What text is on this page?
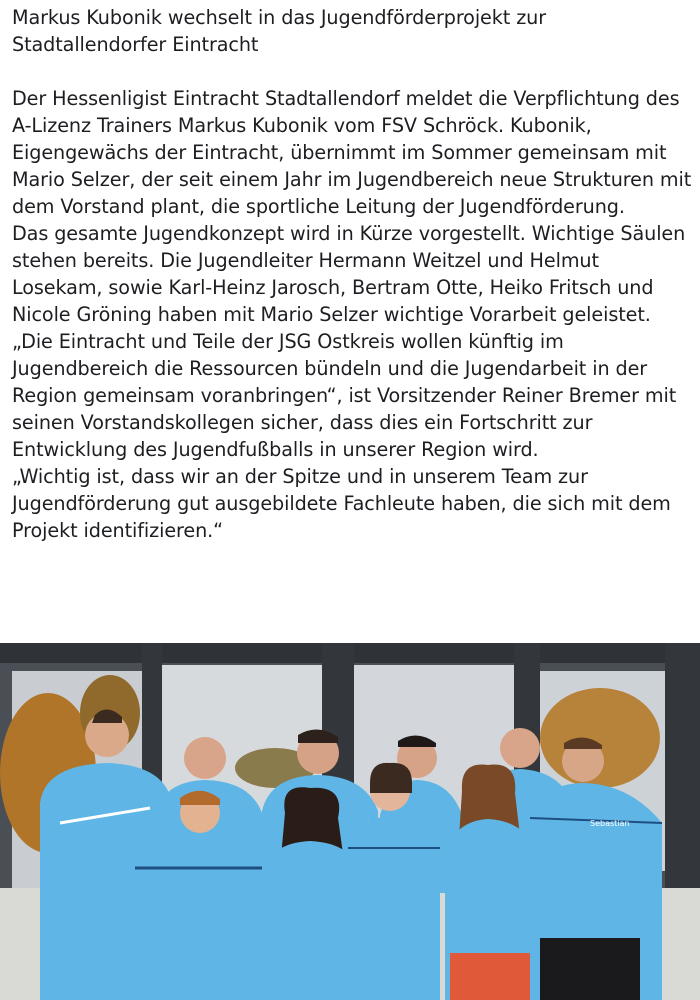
Markus Kubonik wechselt in das Jugendförderprojekt zur

Stadtallendorfer Eintracht

Der Hessenligist Eintracht Stadtallendorf meldet die Verpflichtung des A-Lizenz Trainers Markus Kubonik vom FSV Schröck. Kubonik, Eigengewächs der Eintracht, übernimmt im Sommer gemeinsam mit Mario Selzer, der seit einem Jahr im Jugendbereich neue Strukturen mit dem Vorstand plant, die sportliche Leitung der Jugendförderung.

Das gesamte Jugendkonzept wird in Kürze vorgestellt. Wichtige Säulen stehen bereits. Die Jugendleiter Hermann Weitzel und Helmut Losekam, sowie Karl-Heinz Jarosch, Bertram Otte, Heiko Fritsch und Nicole Gröning haben mit Mario Selzer wichtige Vorarbeit geleistet.

„Die Eintracht und Teile der JSG Ostkreis wollen künftig im Jugendbereich die Ressourcen bündeln und die Jugendarbeit in der Region gemeinsam voranbringen“, ist Vorsitzender Reiner Bremer mit seinen Vorstandskollegen sicher, dass dies ein Fortschritt zur Entwicklung des Jugendfußballs in unserer Region wird.

„Wichtig ist, dass wir an der Spitze und in unserem Team zur Jugendförderung gut ausgebildete Fachleute haben, die sich mit dem Projekt identifizieren.“

Sebastian
